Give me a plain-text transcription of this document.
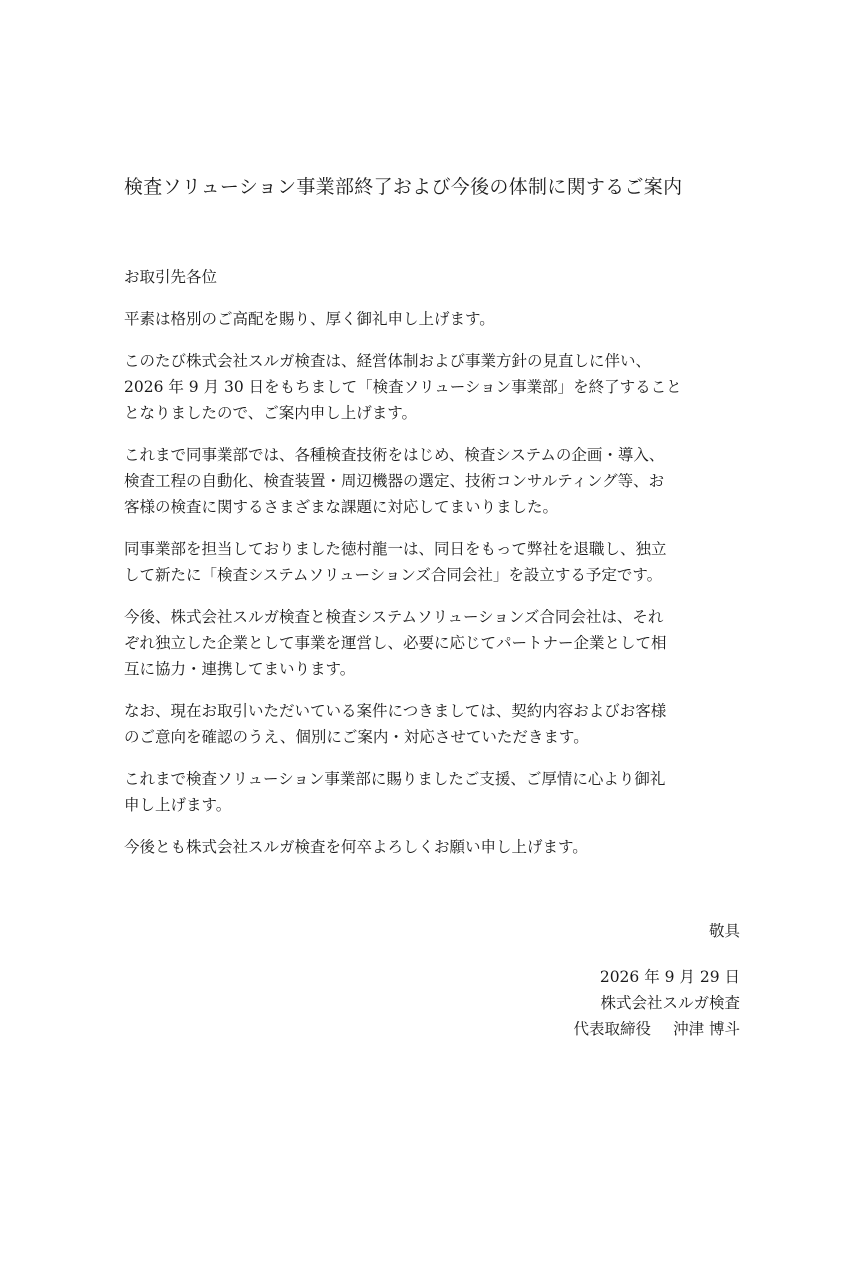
検査ソリューション事業部終了および今後の体制に関するご案内

お取引先各位

平素は格別のご高配を賜り、厚く御礼申し上げます。

このたび株式会社スルガ検査は、経営体制および事業方針の見直しに伴い、
2026 年 9 月 30 日をもちまして「検査ソリューション事業部」を終了すること
となりましたので、ご案内申し上げます。

これまで同事業部では、各種検査技術をはじめ、検査システムの企画・導入、
検査工程の自動化、検査装置・周辺機器の選定、技術コンサルティング等、お
客様の検査に関するさまざまな課題に対応してまいりました。

同事業部を担当しておりました徳村龍一は、同日をもって弊社を退職し、独立
して新たに「検査システムソリューションズ合同会社」を設立する予定です。

今後、株式会社スルガ検査と検査システムソリューションズ合同会社は、それ
ぞれ独立した企業として事業を運営し、必要に応じてパートナー企業として相
互に協力・連携してまいります。

なお、現在お取引いただいている案件につきましては、契約内容およびお客様
のご意向を確認のうえ、個別にご案内・対応させていただきます。

これまで検査ソリューション事業部に賜りましたご支援、ご厚情に心より御礼
申し上げます。

今後とも株式会社スルガ検査を何卒よろしくお願い申し上げます。

敬具
2026 年 9 月 29 日
株式会社スルガ検査
代表取締役 沖津 博斗
